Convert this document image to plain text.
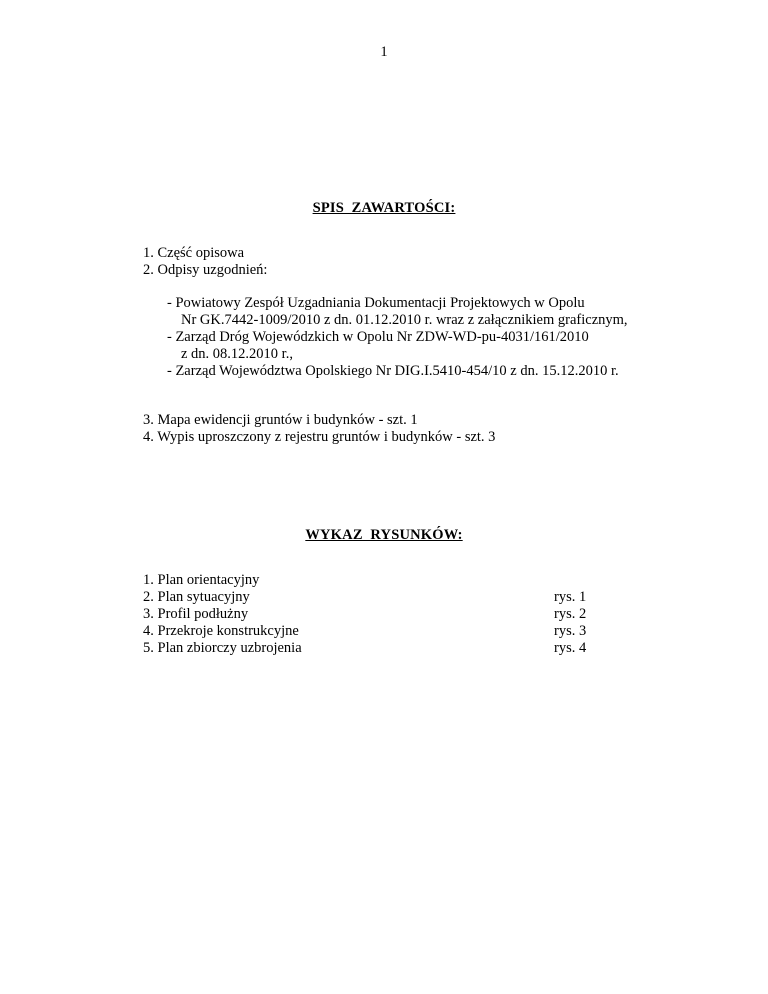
1
SPIS  ZAWARTOŚCI:
1. Część opisowa
2. Odpisy uzgodnień:
- Powiatowy Zespół Uzgadniania Dokumentacji Projektowych w Opolu
Nr GK.7442-1009/2010 z dn. 01.12.2010 r. wraz z załącznikiem graficznym,
- Zarząd Dróg Wojewódzkich w Opolu Nr ZDW-WD-pu-4031/161/2010
z dn. 08.12.2010 r.,
- Zarząd Województwa Opolskiego Nr DIG.I.5410-454/10 z dn. 15.12.2010 r.
3. Mapa ewidencji gruntów i budynków - szt. 1
4. Wypis uproszczony z rejestru gruntów i budynków - szt. 3
WYKAZ  RYSUNKÓW:
1. Plan orientacyjny
2. Plan sytuacyjny	rys. 1
3. Profil podłużny	rys. 2
4. Przekroje konstrukcyjne	rys. 3
5. Plan zbiorczy uzbrojenia	rys. 4
